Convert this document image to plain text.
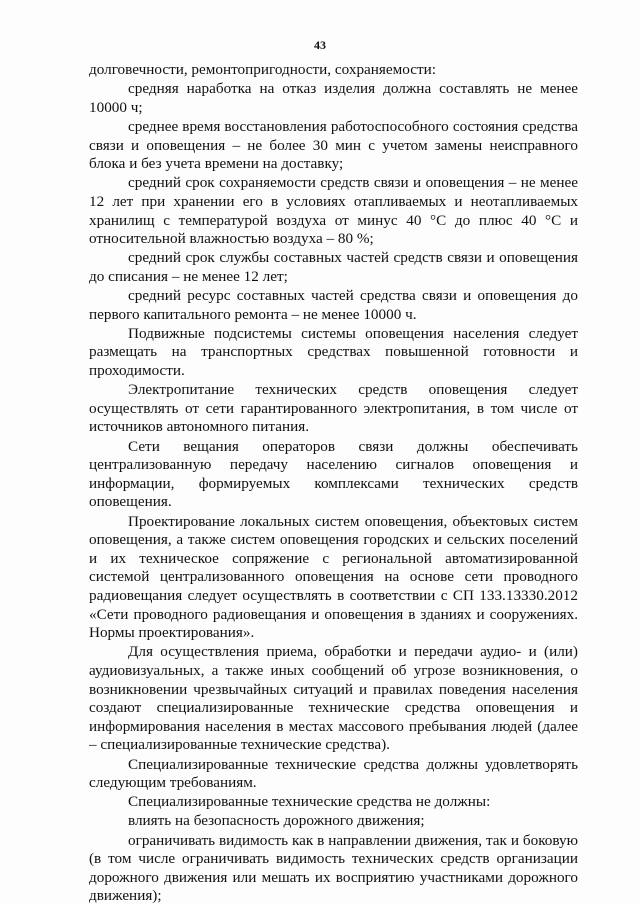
43

долговечности, ремонтопригодности, сохраняемости:

средняя наработка на отказ изделия должна составлять не менее 10000 ч;

среднее время восстановления работоспособного состояния средства связи и оповещения – не более 30 мин с учетом замены неисправного блока и без учета времени на доставку;

средний срок сохраняемости средств связи и оповещения – не менее 12 лет при хранении его в условиях отапливаемых и неотапливаемых хранилищ с температурой воздуха от минус 40 °С до плюс 40 °С и относительной влажностью воздуха – 80 %;

средний срок службы составных частей средств связи и оповещения до списания – не менее 12 лет;

средний ресурс составных частей средства связи и оповещения до первого капитального ремонта – не менее 10000 ч.

Подвижные подсистемы системы оповещения населения следует размещать на транспортных средствах повышенной готовности и проходимости.

Электропитание технических средств оповещения следует осуществлять от сети гарантированного электропитания, в том числе от источников автономного питания.

Сети вещания операторов связи должны обеспечивать централизованную передачу населению сигналов оповещения и информации, формируемых комплексами технических средств оповещения.

Проектирование локальных систем оповещения, объектовых систем оповещения, а также систем оповещения городских и сельских поселений и их техническое сопряжение с региональной автоматизированной системой централизованного оповещения на основе сети проводного радиовещания следует осуществлять в соответствии с СП 133.13330.2012 «Сети проводного радиовещания и оповещения в зданиях и сооружениях. Нормы проектирования».

Для осуществления приема, обработки и передачи аудио- и (или) аудиовизуальных, а также иных сообщений об угрозе возникновения, о возникновении чрезвычайных ситуаций и правилах поведения населения создают специализированные технические средства оповещения и информирования населения в местах массового пребывания людей (далее – специализированные технические средства).

Специализированные технические средства должны удовлетворять следующим требованиям.

Специализированные технические средства не должны:

влиять на безопасность дорожного движения;

ограничивать видимость как в направлении движения, так и боковую (в том числе ограничивать видимость технических средств организации дорожного движения или мешать их восприятию участниками дорожного движения);
